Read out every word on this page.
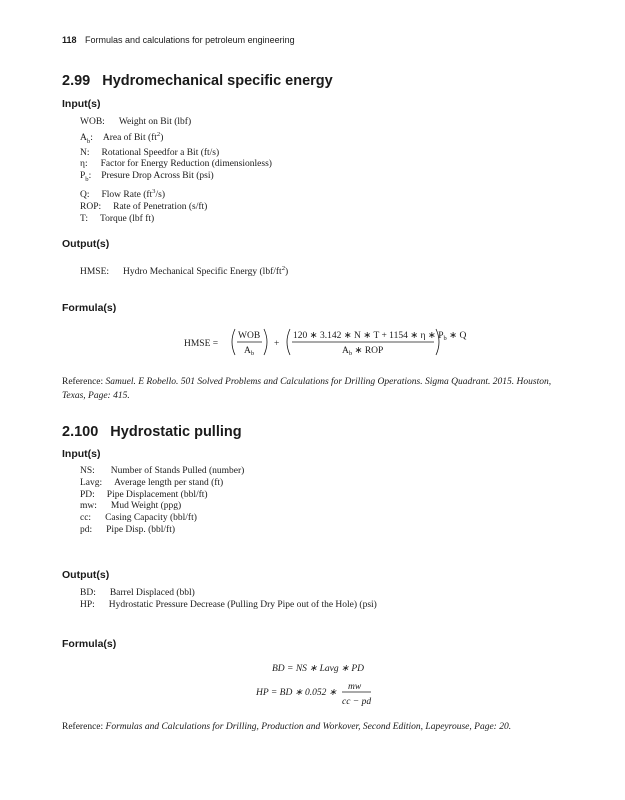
118 Formulas and calculations for petroleum engineering
2.99 Hydromechanical specific energy
Input(s)
WOB: Weight on Bit (lbf)
$A_b$: Area of Bit $(ft^2)$
N: Rotational Speedfor a Bit (ft/s)
η: Factor for Energy Reduction (dimensionless)
$P_b$: Presure Drop Across Bit (psi)
Q: Flow Rate $(ft^3/s)$
ROP: Rate of Penetration (s/ft)
T: Torque (lbf ft)
Output(s)
HMSE: Hydro Mechanical Specific Energy $(lbf/ft^2)$
Formula(s)
HMSE =
WOB
$A_b$
+
120 ∗ 3.142 ∗ N ∗ T + 1154 ∗ η ∗ $P_b$ ∗ Q
$A_b$ ∗ ROP
Reference: Samuel. E Robello. 501 Solved Problems and Calculations for Drilling Operations. Sigma Quadrant. 2015. Houston, Texas, Page: 415.
2.100 Hydrostatic pulling
Input(s)
NS: Number of Stands Pulled (number)
Lavg: Average length per stand (ft)
PD: Pipe Displacement (bbl/ft)
mw: Mud Weight (ppg)
cc: Casing Capacity (bbl/ft)
pd: Pipe Disp. (bbl/ft)
Output(s)
BD: Barrel Displaced (bbl)
HP: Hydrostatic Pressure Decrease (Pulling Dry Pipe out of the Hole) (psi)
Formula(s)
BD = NS ∗ Lavg ∗ PD
HP = BD ∗ 0.052 ∗
mw
cc − pd
Reference: Formulas and Calculations for Drilling, Production and Workover, Second Edition, Lapeyrouse, Page: 20.
